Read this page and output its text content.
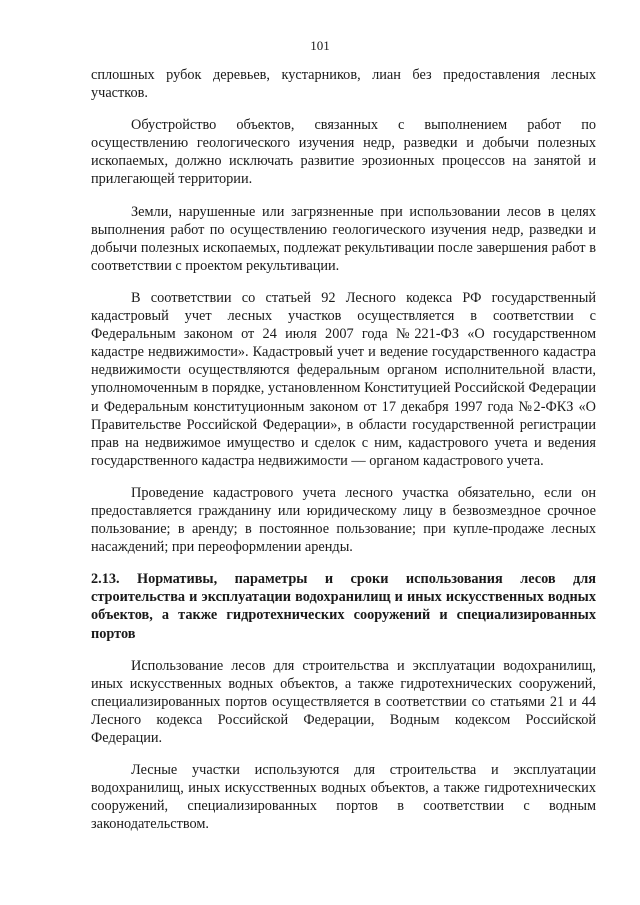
101

сплошных рубок деревьев, кустарников, лиан без предоставления лесных участков.

Обустройство объектов, связанных с выполнением работ по осуществлению геологического изучения недр, разведки и добычи полезных ископаемых, должно исключать развитие эрозионных процессов на занятой и прилегающей территории.

Земли, нарушенные или загрязненные при использовании лесов в целях выполнения работ по осуществлению геологического изучения недр, разведки и добычи полезных ископаемых, подлежат рекультивации после завершения работ в соответствии с проектом рекультивации.

В соответствии со статьей 92 Лесного кодекса РФ государственный кадастровый учет лесных участков осуществляется в соответствии с Федеральным законом от 24 июля 2007 года №221-ФЗ «О государственном кадастре недвижимости». Кадастровый учет и ведение государственного кадастра недвижимости осуществляются федеральным органом исполнительной власти, уполномоченным в порядке, установленном Конституцией Российской Федерации и Федеральным конституционным законом от 17 декабря 1997 года №2-ФКЗ «О Правительстве Российской Федерации», в области государственной регистрации прав на недвижимое имущество и сделок с ним, кадастрового учета и ведения государственного кадастра недвижимости — органом кадастрового учета.

Проведение кадастрового учета лесного участка обязательно, если он предоставляется гражданину или юридическому лицу в безвозмездное срочное пользование; в аренду; в постоянное пользование; при купле-продаже лесных насаждений; при переоформлении аренды.

2.13. Нормативы, параметры и сроки использования лесов для строительства и эксплуатации водохранилищ и иных искусственных водных объектов, а также гидротехнических сооружений и специализированных портов

Использование лесов для строительства и эксплуатации водохранилищ, иных искусственных водных объектов, а также гидротехнических сооружений, специализированных портов осуществляется в соответствии со статьями 21 и 44 Лесного кодекса Российской Федерации, Водным кодексом Российской Федерации.

Лесные участки используются для строительства и эксплуатации водохранилищ, иных искусственных водных объектов, а также гидротехнических сооружений, специализированных портов в соответствии с водным законодательством.
